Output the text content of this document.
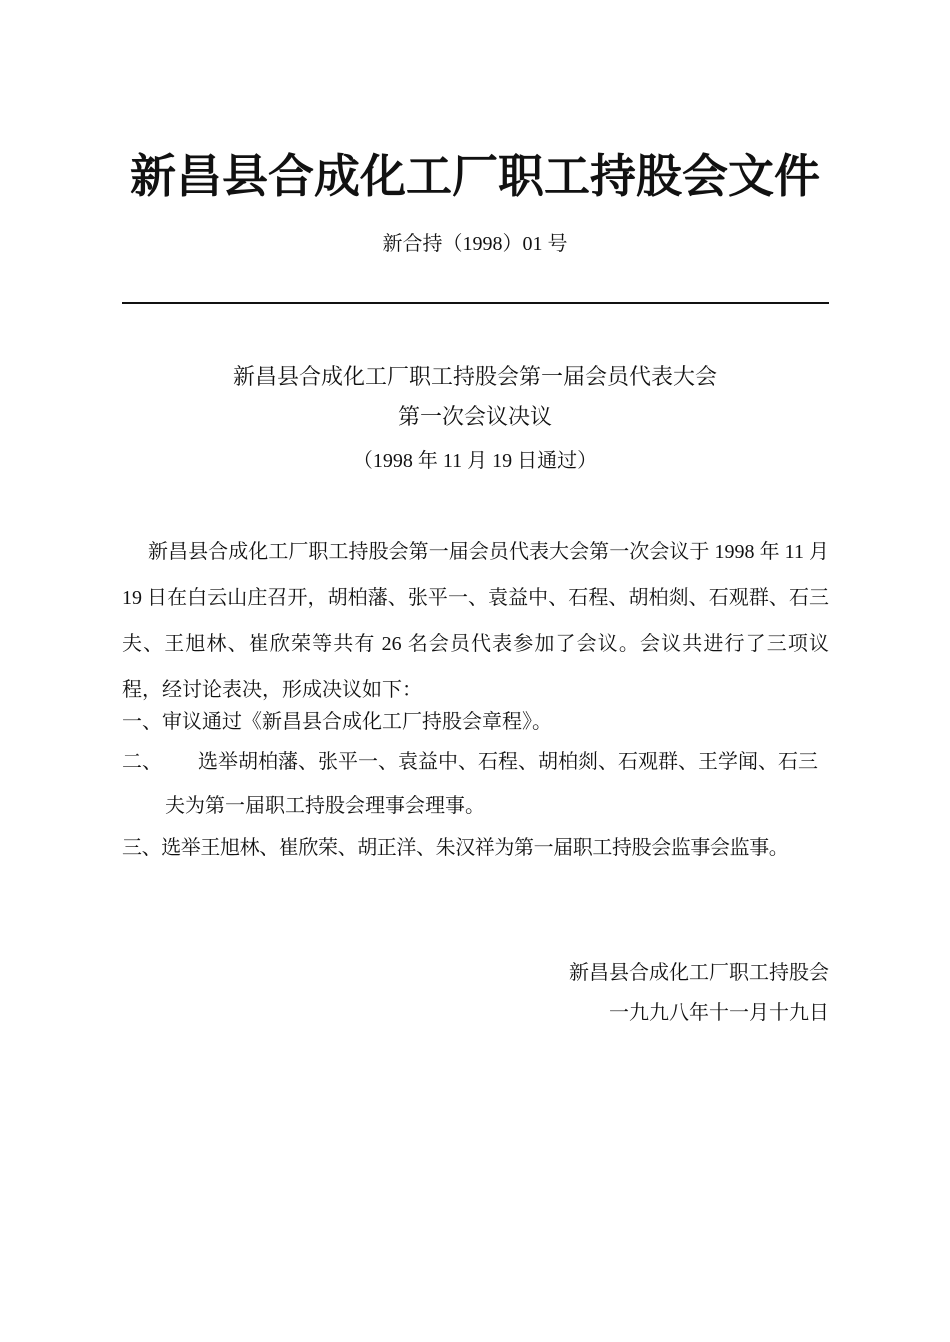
新昌县合成化工厂职工持股会文件
新合持（1998）01 号
新昌县合成化工厂职工持股会第一届会员代表大会
第一次会议决议
（1998 年 11 月 19 日通过）

新昌县合成化工厂职工持股会第一届会员代表大会第一次会议于 1998 年 11 月 19 日在白云山庄召开，胡柏藩、张平一、袁益中、石程、胡柏剡、石观群、石三夫、王旭林、崔欣荣等共有 26 名会员代表参加了会议。会议共进行了三项议程，经讨论表决，形成决议如下：

一、审议通过《新昌县合成化工厂持股会章程》。

二、 选举胡柏藩、张平一、袁益中、石程、胡柏剡、石观群、王学闻、石三

夫为第一届职工持股会理事会理事。

三、选举王旭林、崔欣荣、胡正洋、朱汉祥为第一届职工持股会监事会监事。

新昌县合成化工厂职工持股会
一九九八年十一月十九日
